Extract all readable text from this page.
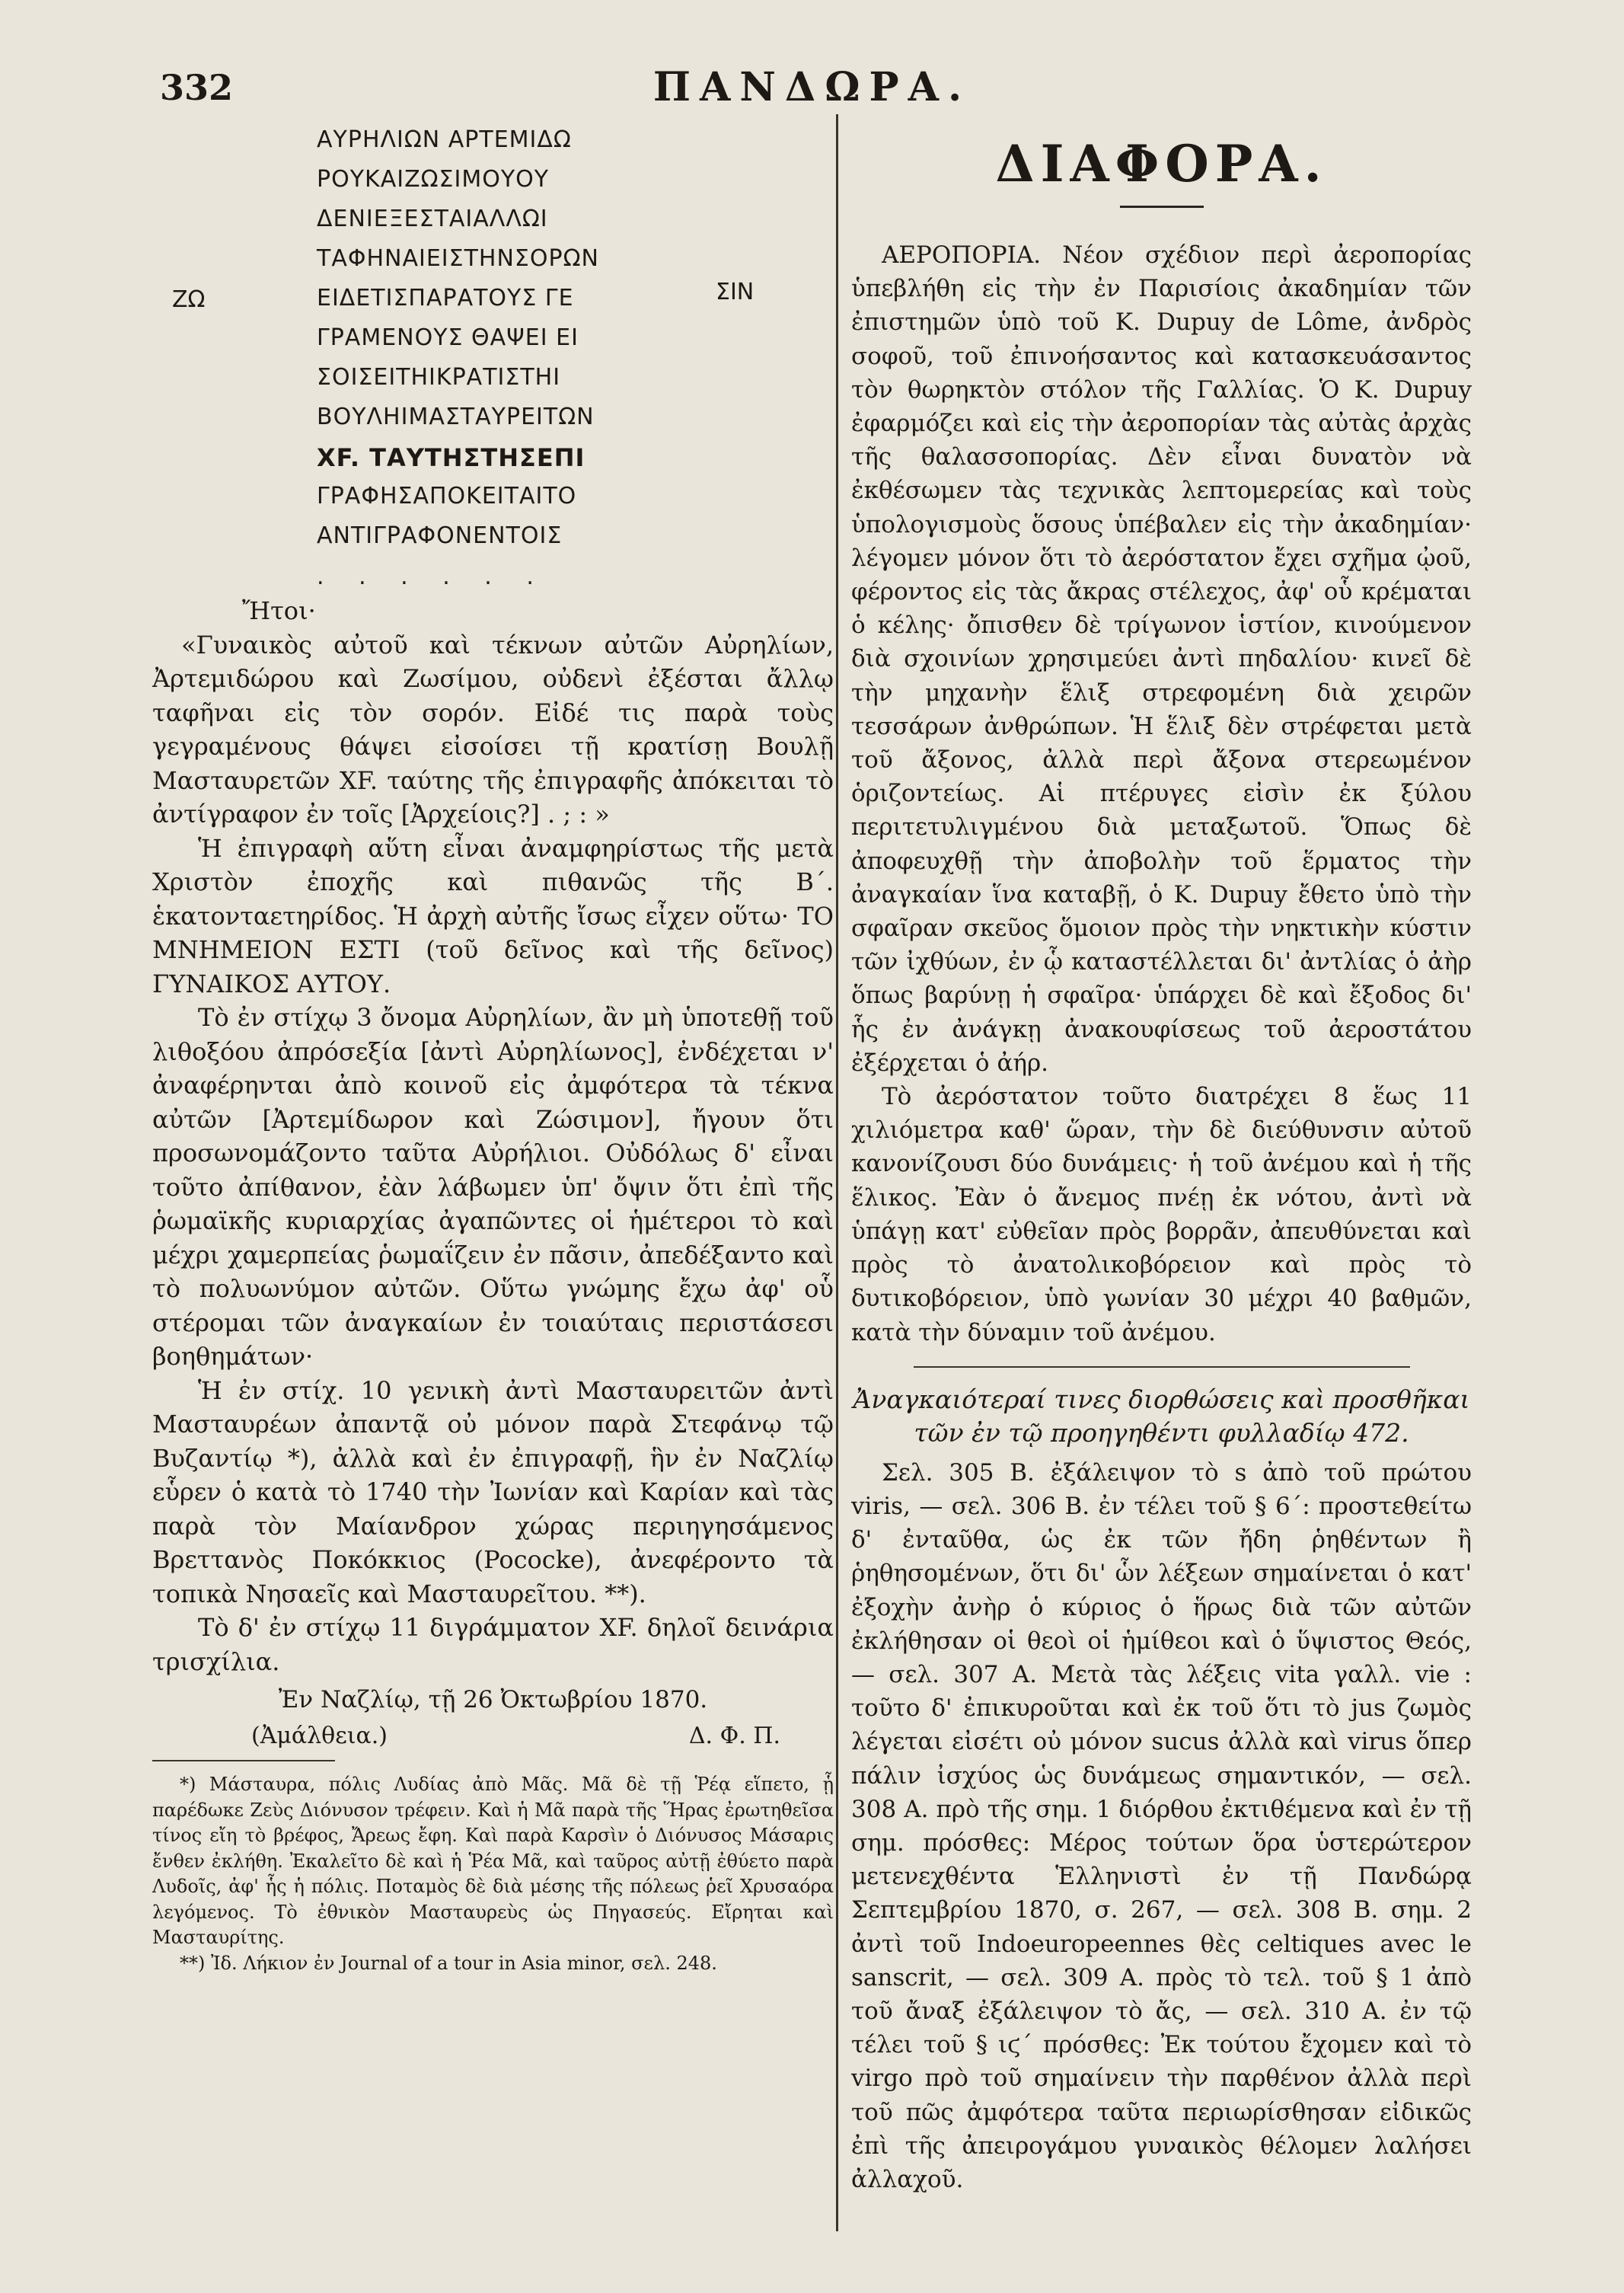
332	ΠΑΝΔΩΡΑ.
ΑΥΡΗΛΙΩΝ ΑΡΤΕΜΙΔΩ
ΡΟΥΚΑΙΖΩΣΙΜΟΥΟΥ
ΔΕΝΙΕΞΕΣΤΑΙΑΛΛΩΙ
ΤΑΦΗΝΑΙΕΙΣΤΗΝΣΟΡΩΝ
ΕΙΔΕΤΙΣΠΑΡΑΤΟΥΣ ΓΕ
ΓΡΑΜΕΝΟΥΣ ΘΑΨΕΙ ΕΙ
ΣΟΙΣΕΙΤΗΙΚΡΑΤΙΣΤΗΙ
ΒΟΥΛΗΙΜΑΣΤΑΥΡΕΙΤΩΝ
XF. ΤΑΥΤΗΣΤΗΣΕΠΙ
ΓΡΑΦΗΣΑΠΟΚΕΙΤΑΙΤΟ
ΑΝΤΙΓΡΑΦΟΝΕΝΤΟΙΣ
ΖΩ	ΣΙΝ
. . . . . .

Ἤτοι·

«Γυναικὸς αὐτοῦ καὶ τέκνων αὐτῶν Αὐρηλίων, Ἀρτεμιδώρου καὶ Ζωσίμου, οὐδενὶ ἐξέσται ἄλλῳ ταφῆναι εἰς τὸν σορόν. Εἰδέ τις παρὰ τοὺς γεγραμένους θάψει εἰσοίσει τῇ κρατίσῃ Βουλῇ Μασταυρετῶν XF. ταύτης τῆς ἐπιγραφῆς ἀπόκειται τὸ ἀντίγραφον ἐν τοῖς [Ἀρχείοις?] . ; : »

Ἡ ἐπιγραφὴ αὕτη εἶναι ἀναμφηρίστως τῆς μετὰ Χριστὸν ἐποχῆς καὶ πιθανῶς τῆς Β΄. ἑκατονταετηρίδος. Ἡ ἀρχὴ αὐτῆς ἴσως εἶχεν οὕτω· ΤΟ ΜΝΗΜΕΙΟΝ ΕΣΤΙ (τοῦ δεῖνος καὶ τῆς δεῖνος) ΓΥΝΑΙΚΟΣ ΑΥΤΟΥ.

Τὸ ἐν στίχῳ 3 ὄνομα Αὐρηλίων, ἂν μὴ ὑποτεθῇ τοῦ λιθοξόου ἀπρόσεξία [ἀντὶ Αὐρηλίωνος], ἐνδέχεται ν' ἀναφέρηνται ἀπὸ κοινοῦ εἰς ἀμφότερα τὰ τέκνα αὐτῶν [Ἀρτεμίδωρον καὶ Ζώσιμον], ἤγουν ὅτι προσωνομάζοντο ταῦτα Αὐρήλιοι. Οὐδόλως δ' εἶναι τοῦτο ἀπίθανον, ἐὰν λάβωμεν ὑπ' ὄψιν ὅτι ἐπὶ τῆς ῥωμαϊκῆς κυριαρχίας ἀγαπῶντες οἱ ἡμέτεροι τὸ καὶ μέχρι χαμερπείας ῥωμαΐζειν ἐν πᾶσιν, ἀπεδέξαντο καὶ τὸ πολυωνύμον αὐτῶν. Οὕτω γνώμης ἔχω ἀφ' οὗ στέρομαι τῶν ἀναγκαίων ἐν τοιαύταις περιστάσεσι βοηθημάτων·

Ἡ ἐν στίχ. 10 γενικὴ ἀντὶ Μασταυρειτῶν ἀντὶ Μασταυρέων ἀπαντᾷ οὐ μόνον παρὰ Στεφάνῳ τῷ Βυζαντίῳ *), ἀλλὰ καὶ ἐν ἐπιγραφῇ, ἣν ἐν Ναζλίῳ εὗρεν ὁ κατὰ τὸ 1740 τὴν Ἰωνίαν καὶ Καρίαν καὶ τὰς παρὰ τὸν Μαίανδρον χώρας περιηγησάμενος Βρεττανὸς Ποκόκκιος (Pococke), ἀνεφέροντο τὰ τοπικὰ Νησαεῖς καὶ Μασταυρεῖτου. **).

Τὸ δ' ἐν στίχῳ 11 διγράμματον XF. δηλοῖ δεινάρια τρισχίλια.

Ἐν Ναζλίῳ, τῇ 26 Ὀκτωβρίου 1870.
(Ἀμάλθεια.)	Δ. Φ. Π.

*) Μάσταυρα, πόλις Λυδίας ἀπὸ Μᾶς. Μᾶ δὲ τῇ Ῥέᾳ εἵπετο, ᾗ παρέδωκε Ζεὺς Διόνυσον τρέφειν. Καὶ ἡ Μᾶ παρὰ τῆς Ἥρας ἐρωτηθεῖσα τίνος εἴη τὸ βρέφος, Ἄρεως ἔφη. Καὶ παρὰ Καρσὶν ὁ Διόνυσος Μάσαρις ἔνθεν ἐκλήθη. Ἐκαλεῖτο δὲ καὶ ἡ Ῥέα Μᾶ, καὶ ταῦρος αὐτῇ ἐθύετο παρὰ Λυδοῖς, ἀφ' ἧς ἡ πόλις. Ποταμὸς δὲ διὰ μέσης τῆς πόλεως ῥεῖ Χρυσαόρα λεγόμενος. Τὸ ἐθνικὸν Μασταυρεὺς ὡς Πηγασεύς. Εἴρηται καὶ Μασταυρίτης.

**) Ἰδ. Λήκιον ἐν Journal of a tour in Asia minor, σελ. 248.

ΔΙΑΦΟΡΑ.

ΑΕΡΟΠΟΡΙΑ. Νέον σχέδιον περὶ ἀεροπορίας ὑπεβλήθη εἰς τὴν ἐν Παρισίοις ἀκαδημίαν τῶν ἐπιστημῶν ὑπὸ τοῦ Κ. Dupuy de Lôme, ἀνδρὸς σοφοῦ, τοῦ ἐπινοήσαντος καὶ κατασκευάσαντος τὸν θωρηκτὸν στόλον τῆς Γαλλίας. Ὁ Κ. Dupuy ἐφαρμόζει καὶ εἰς τὴν ἀεροπορίαν τὰς αὐτὰς ἀρχὰς τῆς θαλασσοπορίας. Δὲν εἶναι δυνατὸν νὰ ἐκθέσωμεν τὰς τεχνικὰς λεπτομερείας καὶ τοὺς ὑπολογισμοὺς ὅσους ὑπέβαλεν εἰς τὴν ἀκαδημίαν· λέγομεν μόνον ὅτι τὸ ἀερόστατον ἔχει σχῆμα ᾠοῦ, φέροντος εἰς τὰς ἄκρας στέλεχος, ἀφ' οὗ κρέμαται ὁ κέλης· ὄπισθεν δὲ τρίγωνον ἱστίον, κινούμενον διὰ σχοινίων χρησιμεύει ἀντὶ πηδαλίου· κινεῖ δὲ τὴν μηχανὴν ἕλιξ στρεφομένη διὰ χειρῶν τεσσάρων ἀνθρώπων. Ἡ ἕλιξ δὲν στρέφεται μετὰ τοῦ ἄξονος, ἀλλὰ περὶ ἄξονα στερεωμένον ὁριζοντείως. Αἱ πτέρυγες εἰσὶν ἐκ ξύλου περιτετυλιγμένου διὰ μεταξωτοῦ. Ὅπως δὲ ἀποφευχθῇ τὴν ἀποβολὴν τοῦ ἕρματος τὴν ἀναγκαίαν ἵνα καταβῇ, ὁ Κ. Dupuy ἔθετο ὑπὸ τὴν σφαῖραν σκεῦος ὅμοιον πρὸς τὴν νηκτικὴν κύστιν τῶν ἰχθύων, ἐν ᾧ καταστέλλεται δι' ἀντλίας ὁ ἀὴρ ὅπως βαρύνῃ ἡ σφαῖρα· ὑπάρχει δὲ καὶ ἔξοδος δι' ἧς ἐν ἀνάγκῃ ἀνακουφίσεως τοῦ ἀεροστάτου ἐξέρχεται ὁ ἀήρ.

Τὸ ἀερόστατον τοῦτο διατρέχει 8 ἕως 11 χιλιόμετρα καθ' ὥραν, τὴν δὲ διεύθυνσιν αὐτοῦ κανονίζουσι δύο δυνάμεις· ἡ τοῦ ἀνέμου καὶ ἡ τῆς ἕλικος. Ἐὰν ὁ ἄνεμος πνέῃ ἐκ νότου, ἀντὶ νὰ ὑπάγῃ κατ' εὐθεῖαν πρὸς βορρᾶν, ἀπευθύνεται καὶ πρὸς τὸ ἀνατολικοβόρειον καὶ πρὸς τὸ δυτικοβόρειον, ὑπὸ γωνίαν 30 μέχρι 40 βαθμῶν, κατὰ τὴν δύναμιν τοῦ ἀνέμου.

Ἀναγκαιότεραί τινες διορθώσεις καὶ προσθῆκαι τῶν ἐν τῷ προηγηθέντι φυλλαδίῳ 472.

Σελ. 305 Β. ἐξάλειψον τὸ s ἀπὸ τοῦ πρώτου viris, — σελ. 306 Β. ἐν τέλει τοῦ § 6΄: προστεθείτω δ' ἐνταῦθα, ὡς ἐκ τῶν ἤδη ῥηθέντων ἢ ῥηθησομένων, ὅτι δι' ὧν λέξεων σημαίνεται ὁ κατ' ἐξοχὴν ἀνὴρ ὁ κύριος ὁ ἥρως διὰ τῶν αὐτῶν ἐκλήθησαν οἱ θεοὶ οἱ ἡμίθεοι καὶ ὁ ὕψιστος Θεός, — σελ. 307 Α. Μετὰ τὰς λέξεις vita γαλλ. vie : τοῦτο δ' ἐπικυροῦται καὶ ἐκ τοῦ ὅτι τὸ jus ζωμὸς λέγεται εἰσέτι οὐ μόνον sucus ἀλλὰ καὶ virus ὅπερ πάλιν ἰσχύος ὡς δυνάμεως σημαντικόν, — σελ. 308 Α. πρὸ τῆς σημ. 1 διόρθου ἐκτιθέμενα καὶ ἐν τῇ σημ. πρόσθες: Μέρος τούτων ὅρα ὑστερώτερον μετενεχθέντα Ἑλληνιστὶ ἐν τῇ Πανδώρᾳ Σεπτεμβρίου 1870, σ. 267, — σελ. 308 Β. σημ. 2 ἀντὶ τοῦ Indoeuropeennes θὲς celtiques avec le sanscrit, — σελ. 309 Α. πρὸς τὸ τελ. τοῦ § 1 ἀπὸ τοῦ ἄναξ ἐξάλειψον τὸ ἄς, — σελ. 310 Α. ἐν τῷ τέλει τοῦ § ιϛ΄ πρόσθες: Ἐκ τούτου ἔχομεν καὶ τὸ virgo πρὸ τοῦ σημαίνειν τὴν παρθένον ἀλλὰ περὶ τοῦ πῶς ἀμφότερα ταῦτα περιωρίσθησαν εἰδικῶς ἐπὶ τῆς ἀπειρογάμου γυναικὸς θέλομεν λαλήσει ἀλλαχοῦ.
